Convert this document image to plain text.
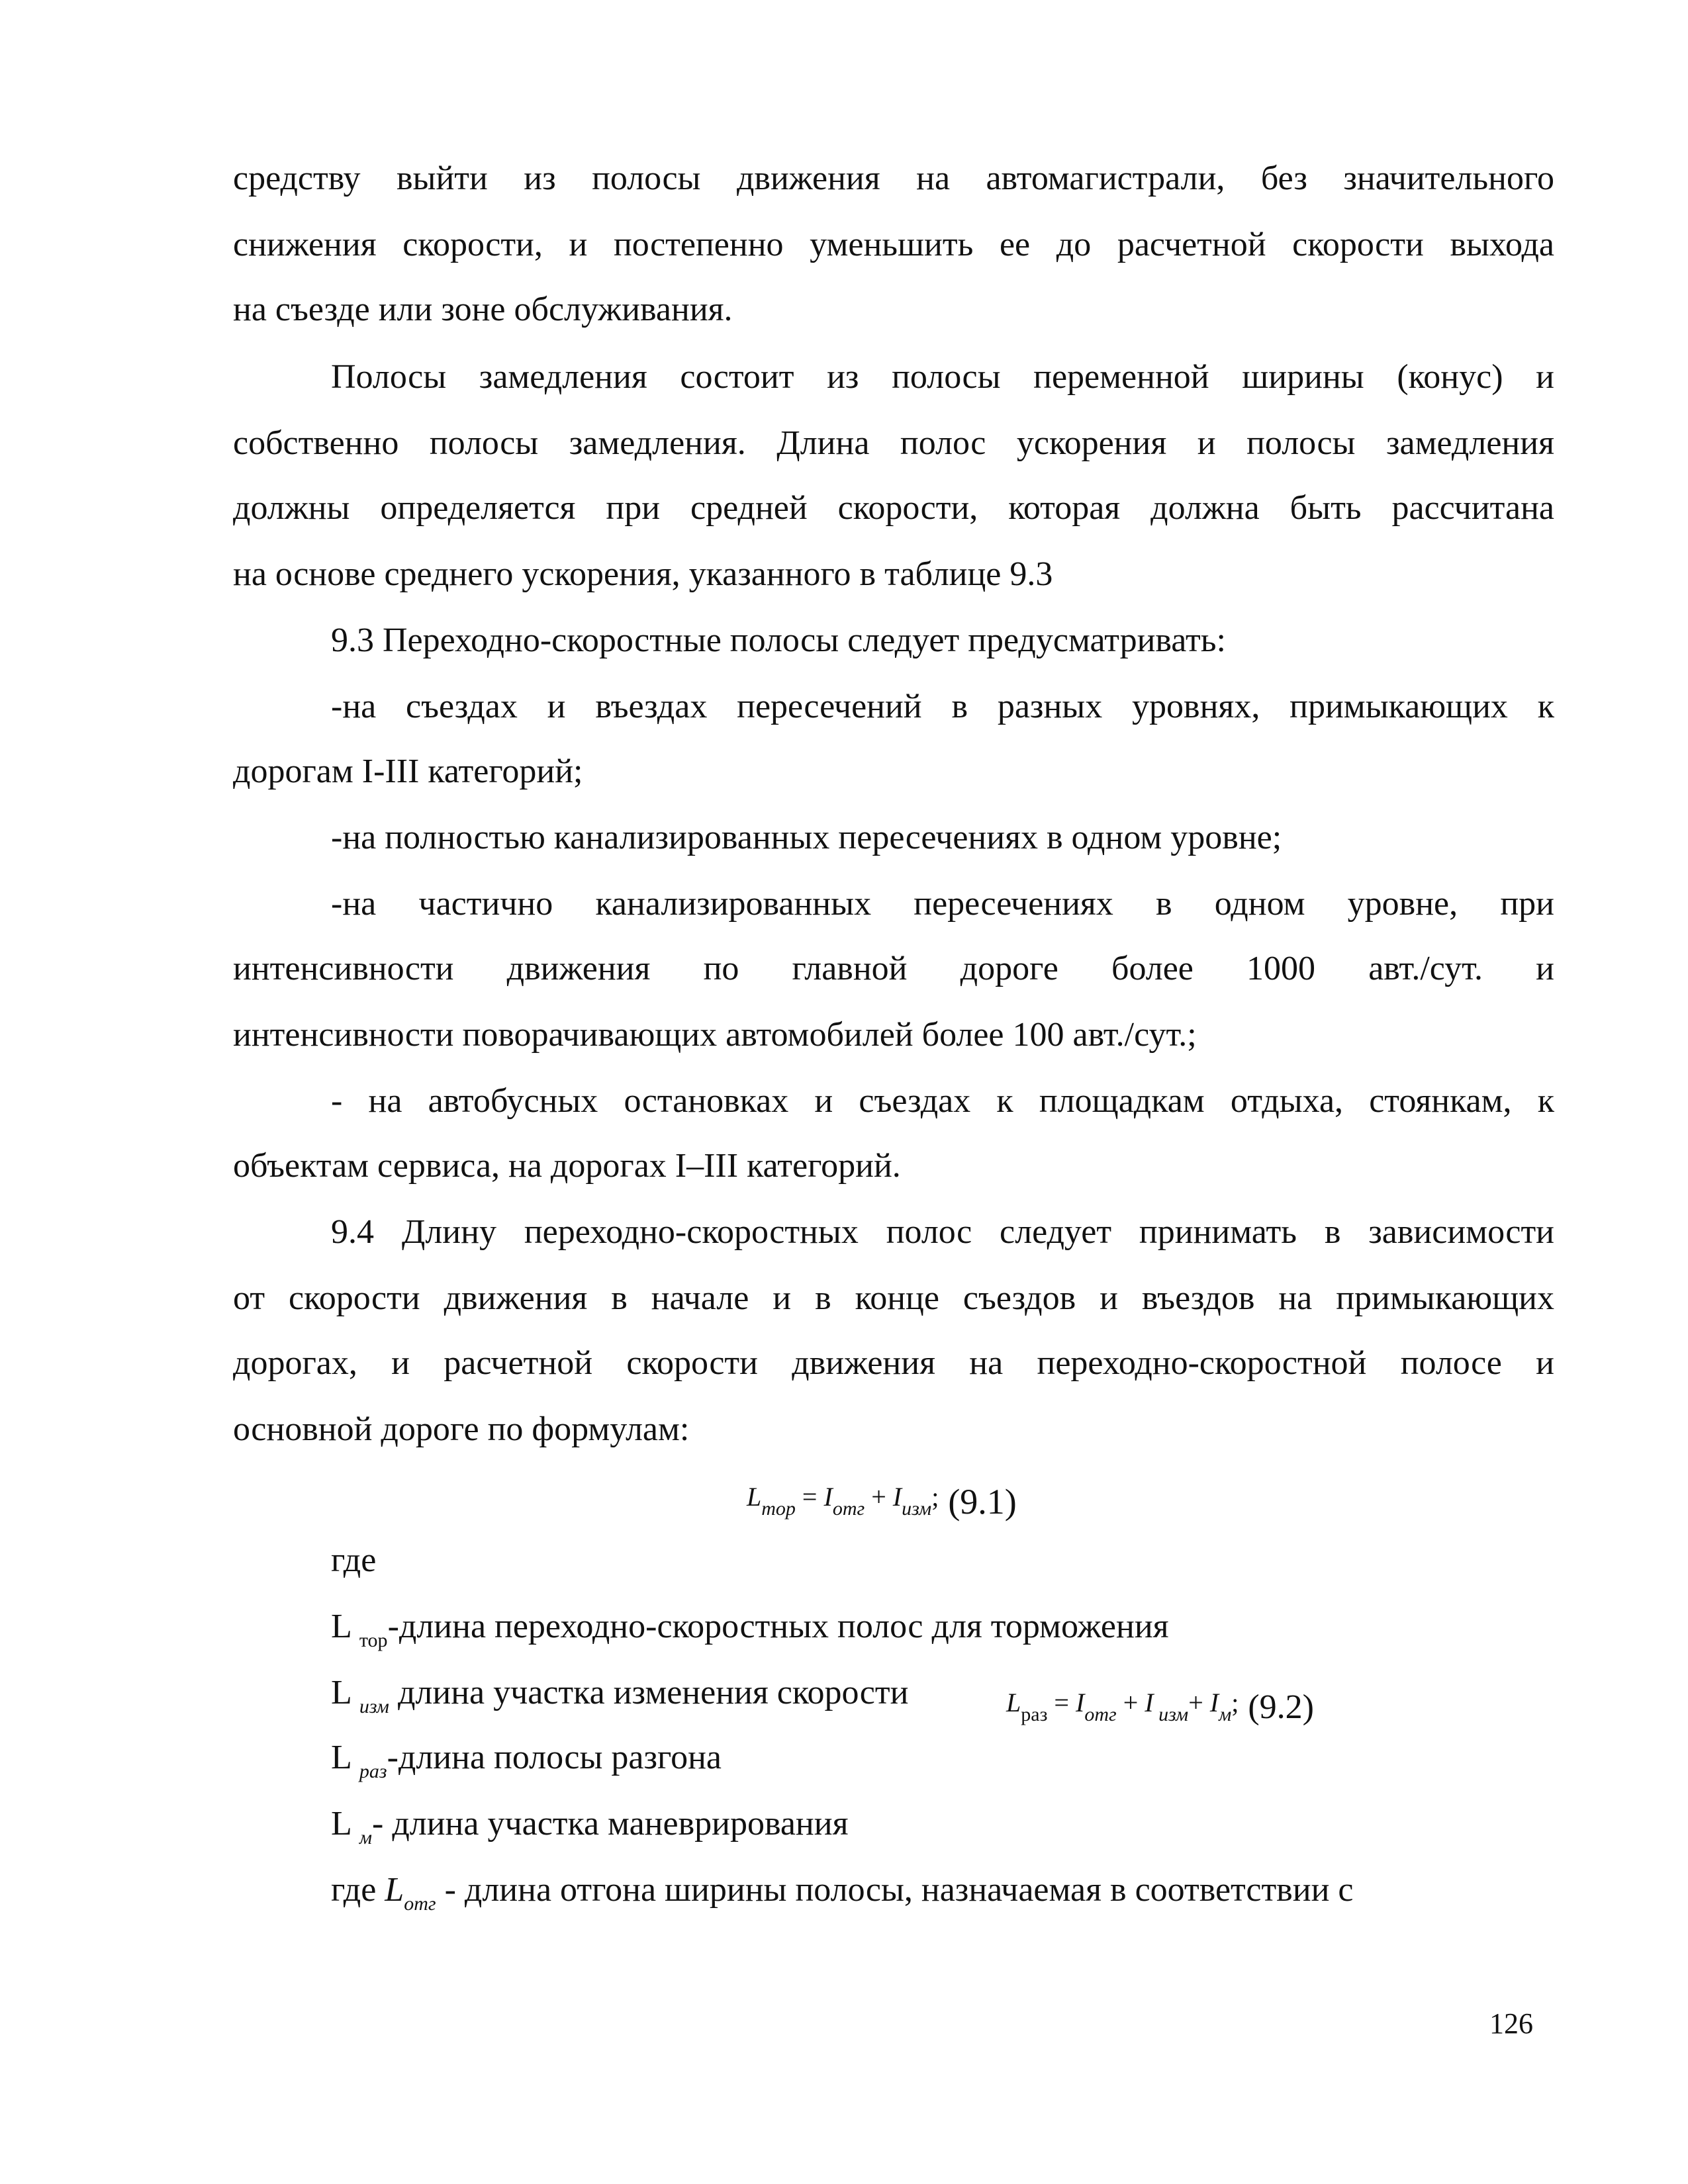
средству выйти из полосы движения на автомагистрали, без значительного
снижения скорости, и постепенно уменьшить ее до расчетной скорости выхода
на съезде или зоне обслуживания.
Полосы замедления состоит из полосы переменной ширины (конус) и
собственно полосы замедления. Длина полос ускорения и полосы замедления
должны определяется при средней скорости, которая должна быть рассчитана
на основе среднего ускорения, указанного в таблице 9.3
9.3 Переходно-скоростные полосы следует предусматривать:
-на съездах и въездах пересечений в разных уровнях, примыкающих к
дорогам I-III категорий;
-на полностью канализированных пересечениях в одном уровне;
-на частично канализированных пересечениях в одном уровне, при
интенсивности движения по главной дороге более 1000 авт./сут. и
интенсивности поворачивающих автомобилей более 100 авт./сут.;
- на автобусных остановках и съездах к площадкам отдыха, стоянкам, к
объектам сервиса, на дорогах I–III категорий.
9.4 Длину переходно-скоростных полос следует принимать в зависимости
от скорости движения в начале и в конце съездов и въездов на примыкающих
дорогах, и расчетной скорости движения на переходно-скоростной полосе и
основной дороге по формулам:
Lтор = Iотг + Iизм; (9.1)
где
L $_{тор}$-длина переходно-скоростных полос для торможения
L $_{изм}$ длина участка изменения скорости	Lраз = Iотг + I изм+ Iм; (9.2)
L $_{раз}$-длина полосы разгона
L $_м$- длина участка маневрирования
где $L_{отг}$ - длина отгона ширины полосы, назначаемая в соответствии с
126
